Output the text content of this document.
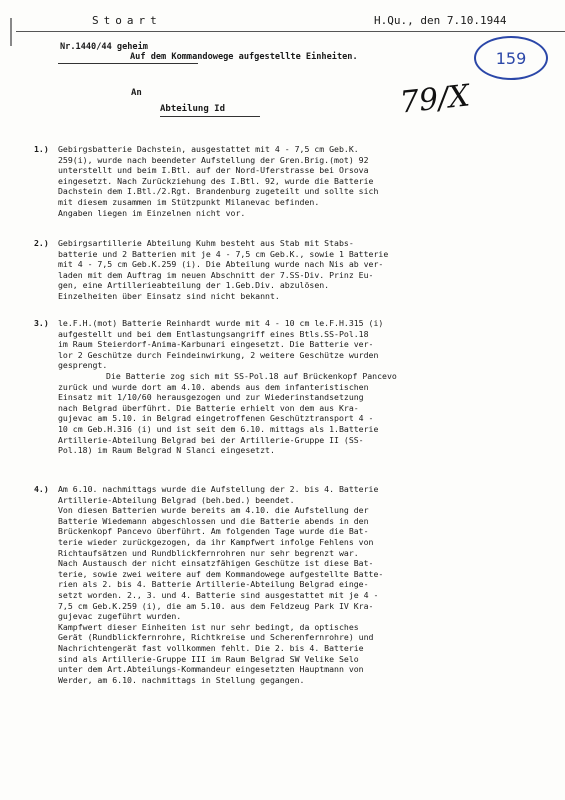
Stoart	H.Qu., den 7.10.1944
Nr.1440/44 geheim
Auf dem Kommandowege aufgestellte Einheiten.	159
79/X
An
Abteilung Id
1.) Gebirgsbatterie Dachstein, ausgestattet mit 4 - 7,5 cm Geb.K.
259(i), wurde nach beendeter Aufstellung der Gren.Brig.(mot) 92
unterstellt und beim I.Btl. auf der Nord-Uferstrasse bei Orsova
eingesetzt. Nach Zurückziehung des I.Btl. 92, wurde die Batterie
Dachstein dem I.Btl./2.Rgt. Brandenburg zugeteilt und sollte sich
mit diesem zusammen im Stützpunkt Milanevac befinden.
Angaben liegen im Einzelnen nicht vor.
2.) Gebirgsartillerie Abteilung Kuhm besteht aus Stab mit Stabs-
batterie und 2 Batterien mit je 4 - 7,5 cm Geb.K., sowie 1 Batterie
mit 4 - 7,5 cm Geb.K.259 (i). Die Abteilung wurde nach Nis ab ver-
laden mit dem Auftrag im neuen Abschnitt der 7.SS-Div. Prinz Eu-
gen, eine Artillerieabteilung der 1.Geb.Div. abzulösen.
Einzelheiten über Einsatz sind nicht bekannt.
3.) le.F.H.(mot) Batterie Reinhardt wurde mit 4 - 10 cm le.F.H.315 (i)
aufgestellt und bei dem Entlastungsangriff eines Btls.SS-Pol.18
im Raum Steierdorf-Anima-Karbunari eingesetzt. Die Batterie ver-
lor 2 Geschütze durch Feindeinwirkung, 2 weitere Geschütze wurden
gesprengt.
Die Batterie zog sich mit SS-Pol.18 auf Brückenkopf Pancevo
zurück und wurde dort am 4.10. abends aus dem infanteristischen
Einsatz mit 1/10/60 herausgezogen und zur Wiederinstandsetzung
nach Belgrad überführt. Die Batterie erhielt von dem aus Kra-
gujevac am 5.10. in Belgrad eingetroffenen Geschütztransport 4 -
10 cm Geb.H.316 (i) und ist seit dem 6.10. mittags als 1.Batterie
Artillerie-Abteilung Belgrad bei der Artillerie-Gruppe II (SS-
Pol.18) im Raum Belgrad N Slanci eingesetzt.
4.) Am 6.10. nachmittags wurde die Aufstellung der 2. bis 4. Batterie
Artillerie-Abteilung Belgrad (beh.bed.) beendet.
Von diesen Batterien wurde bereits am 4.10. die Aufstellung der
Batterie Wiedemann abgeschlossen und die Batterie abends in den
Brückenkopf Pancevo überführt. Am folgenden Tage wurde die Bat-
terie wieder zurückgezogen, da ihr Kampfwert infolge Fehlens von
Richtaufsätzen und Rundblickfernrohren nur sehr begrenzt war.
Nach Austausch der nicht einsatzfähigen Geschütze ist diese Bat-
terie, sowie zwei weitere auf dem Kommandowege aufgestellte Batte-
rien als 2. bis 4. Batterie Artillerie-Abteilung Belgrad einge-
setzt worden. 2., 3. und 4. Batterie sind ausgestattet mit je 4 -
7,5 cm Geb.K.259 (i), die am 5.10. aus dem Feldzeug Park IV Kra-
gujevac zugeführt wurden.
Kampfwert dieser Einheiten ist nur sehr bedingt, da optisches
Gerät (Rundblickfernrohre, Richtkreise und Scherenfernrohre) und
Nachrichtengerät fast vollkommen fehlt. Die 2. bis 4. Batterie
sind als Artillerie-Gruppe III im Raum Belgrad SW Velike Selo
unter dem Art.Abteilungs-Kommandeur eingesetzten Hauptmann von
Werder, am 6.10. nachmittags in Stellung gegangen.
